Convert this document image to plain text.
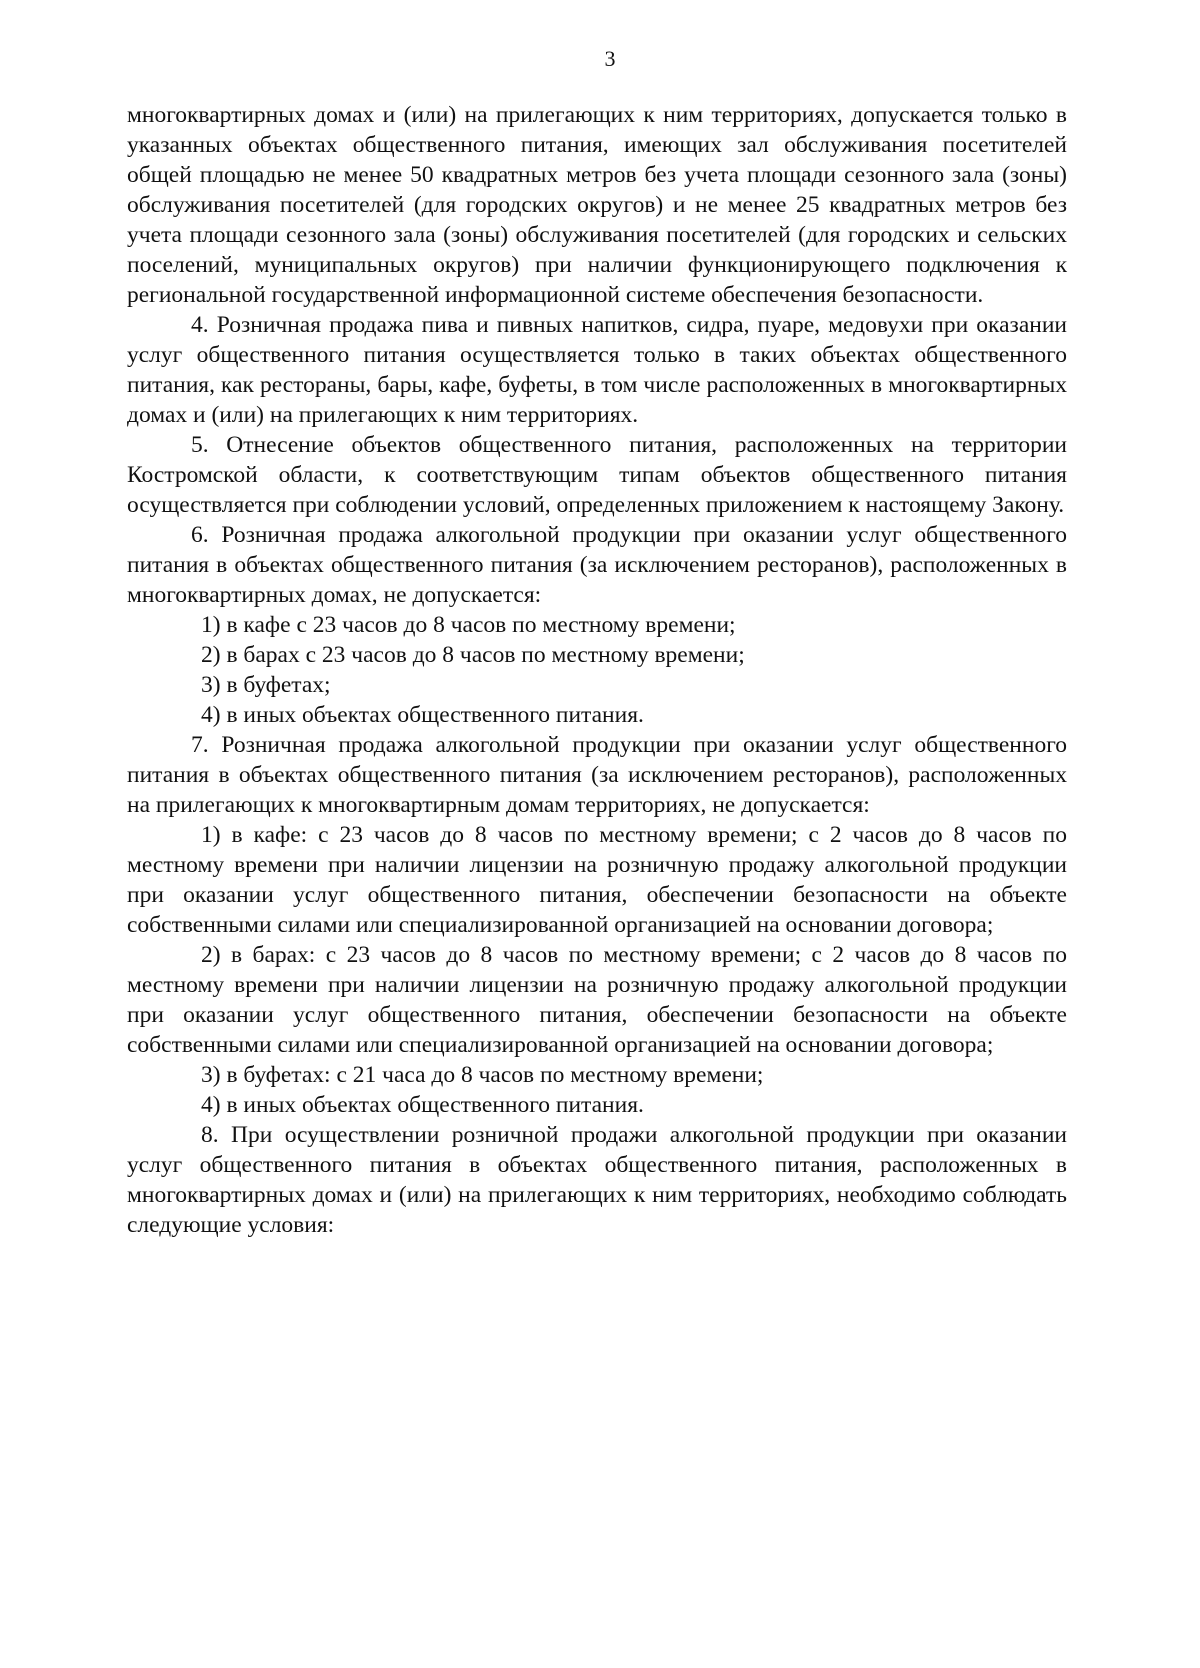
3

многоквартирных домах и (или) на прилегающих к ним территориях, допускается только в указанных объектах общественного питания, имеющих зал обслуживания посетителей общей площадью не менее 50 квадратных метров без учета площади сезонного зала (зоны) обслуживания посетителей (для городских округов) и не менее 25 квадратных метров без учета площади сезонного зала (зоны) обслуживания посетителей (для городских и сельских поселений, муниципальных округов) при наличии функционирующего подключения к региональной государственной информационной системе обеспечения безопасности.

4. Розничная продажа пива и пивных напитков, сидра, пуаре, медовухи при оказании услуг общественного питания осуществляется только в таких объектах общественного питания, как рестораны, бары, кафе, буфеты, в том числе расположенных в многоквартирных домах и (или) на прилегающих к ним территориях.

5. Отнесение объектов общественного питания, расположенных на территории Костромской области, к соответствующим типам объектов общественного питания осуществляется при соблюдении условий, определенных приложением к настоящему Закону.

6. Розничная продажа алкогольной продукции при оказании услуг общественного питания в объектах общественного питания (за исключением ресторанов), расположенных в многоквартирных домах, не допускается:

1) в кафе с 23 часов до 8 часов по местному времени;

2) в барах с 23 часов до 8 часов по местному времени;

3) в буфетах;

4) в иных объектах общественного питания.

7. Розничная продажа алкогольной продукции при оказании услуг общественного питания в объектах общественного питания (за исключением ресторанов), расположенных на прилегающих к многоквартирным домам территориях, не допускается:

1) в кафе: с 23 часов до 8 часов по местному времени; с 2 часов до 8 часов по местному времени при наличии лицензии на розничную продажу алкогольной продукции при оказании услуг общественного питания, обеспечении безопасности на объекте собственными силами или специализированной организацией на основании договора;

2) в барах: с 23 часов до 8 часов по местному времени; с 2 часов до 8 часов по местному времени при наличии лицензии на розничную продажу алкогольной продукции при оказании услуг общественного питания, обеспечении безопасности на объекте собственными силами или специализированной организацией на основании договора;

3) в буфетах: с 21 часа до 8 часов по местному времени;

4) в иных объектах общественного питания.

8. При осуществлении розничной продажи алкогольной продукции при оказании услуг общественного питания в объектах общественного питания, расположенных в многоквартирных домах и (или) на прилегающих к ним территориях, необходимо соблюдать следующие условия:
